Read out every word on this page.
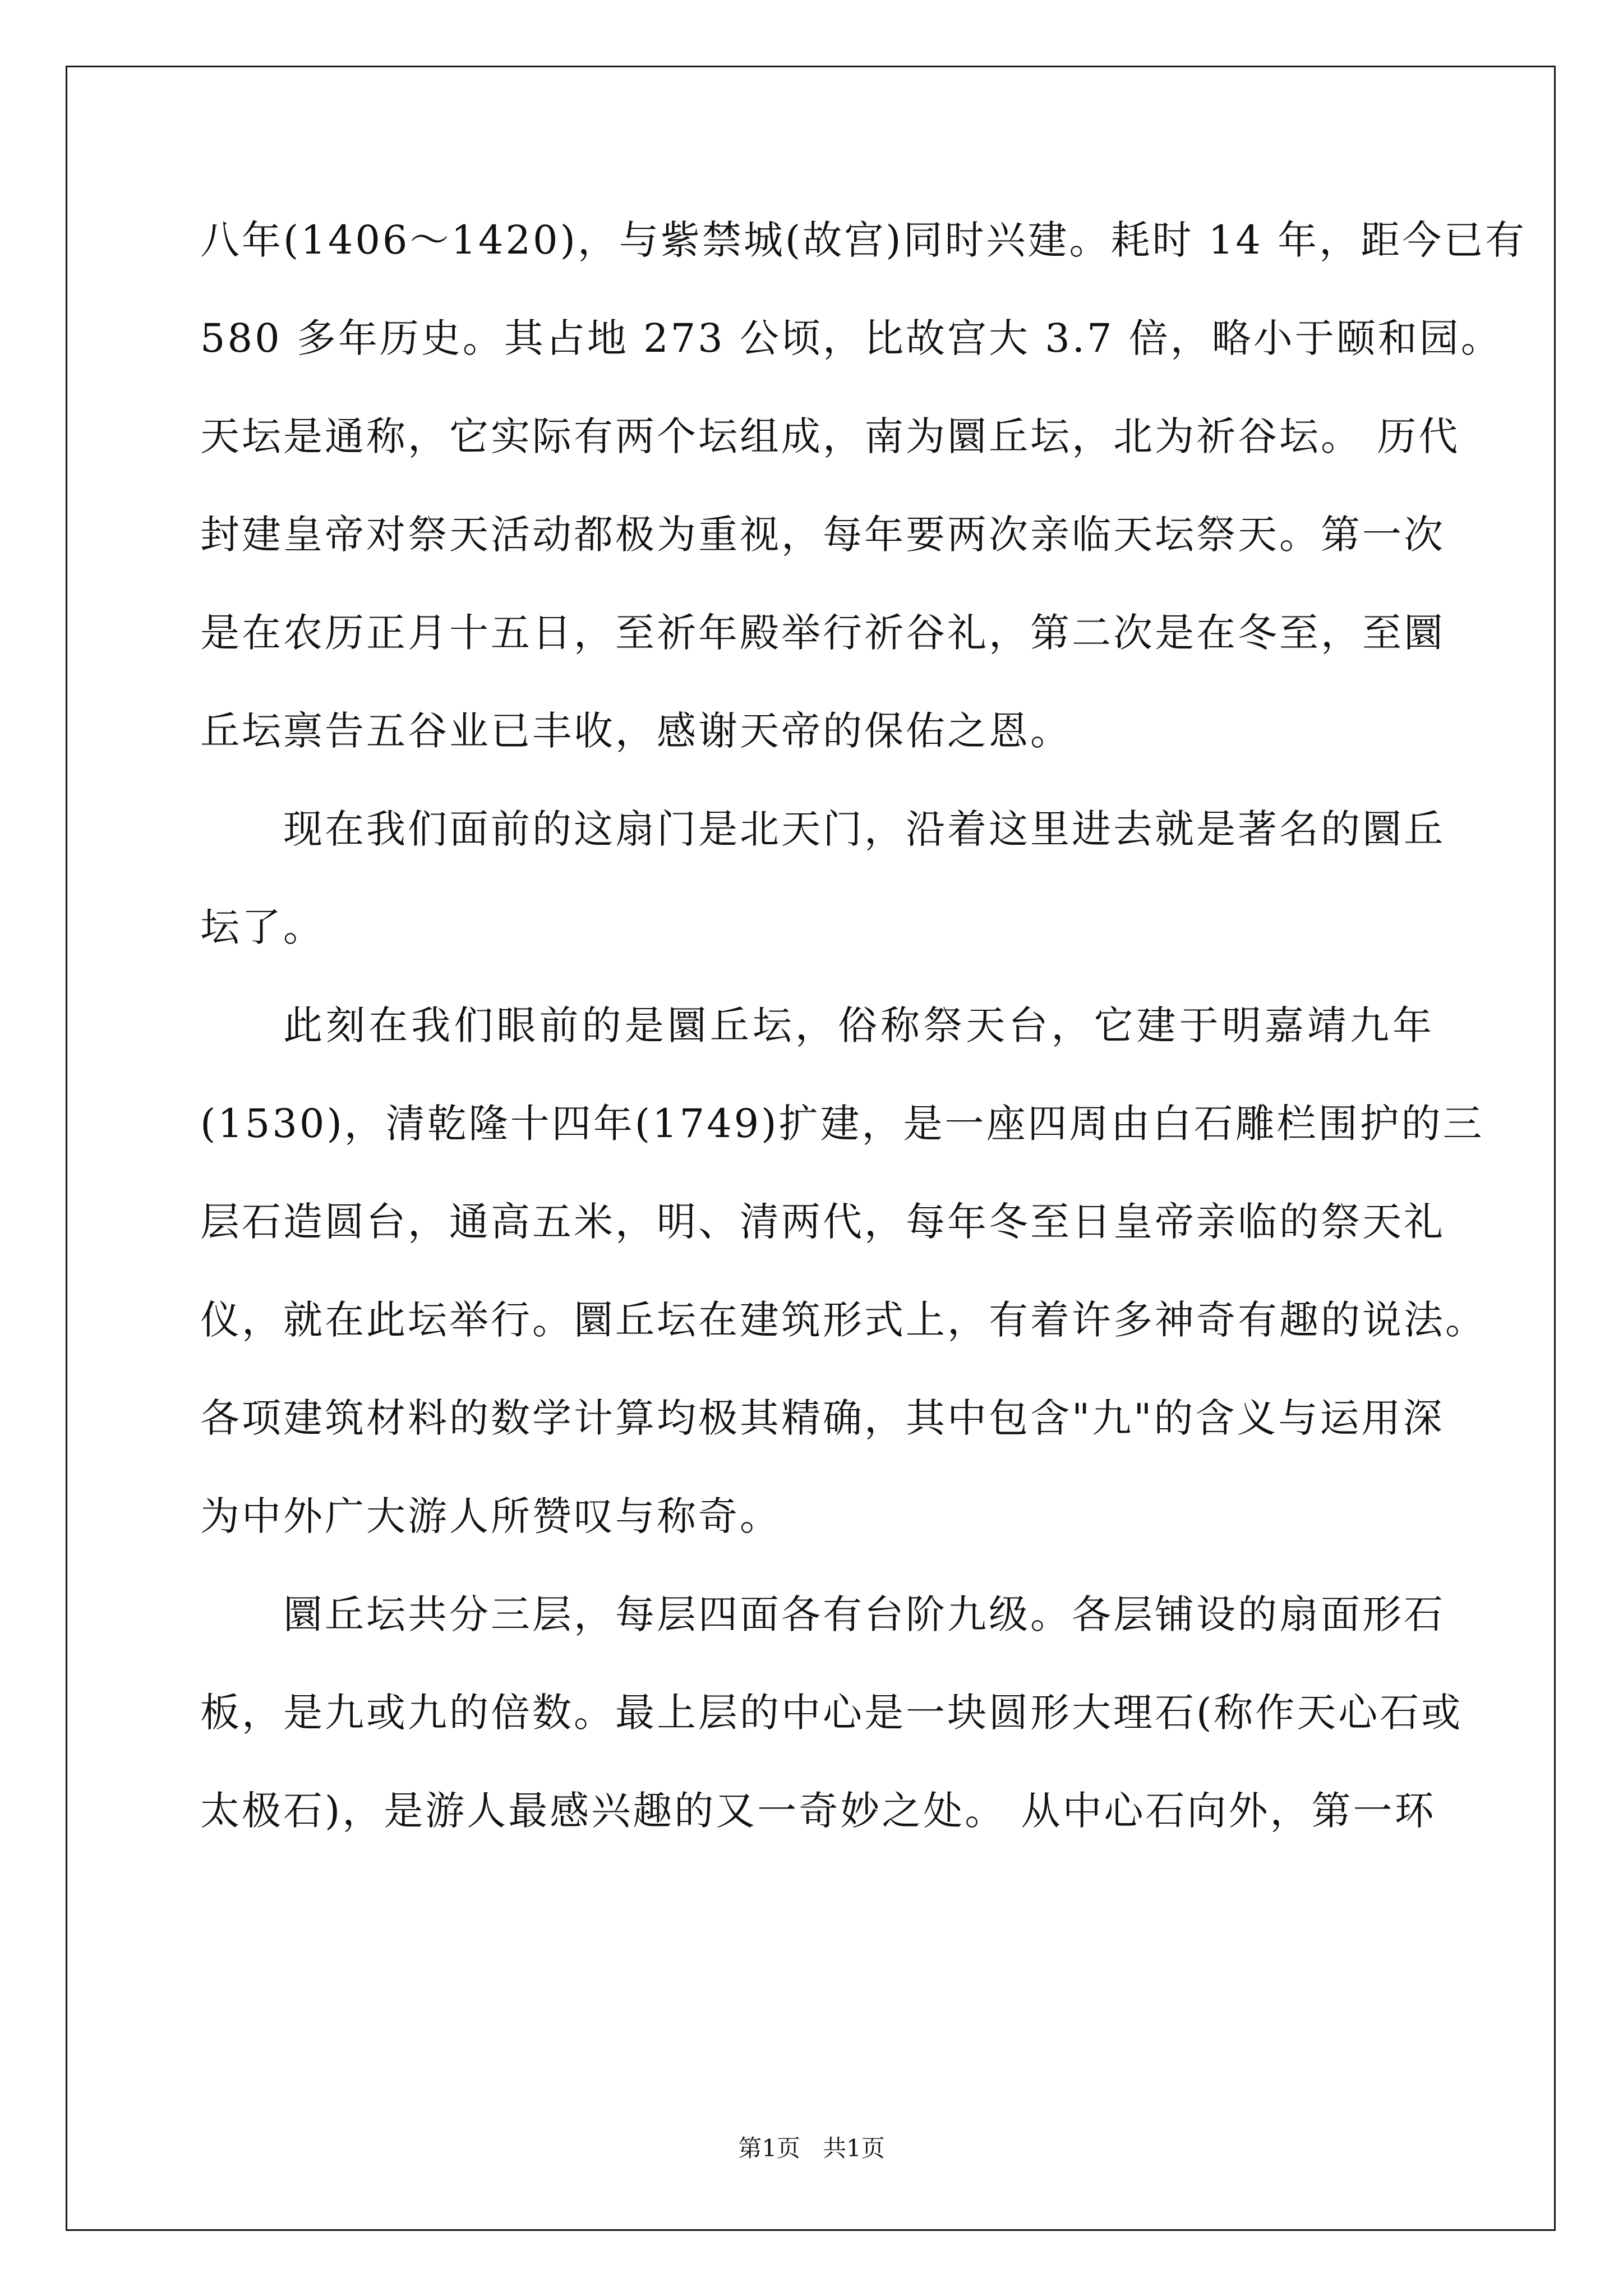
八年(1406～1420)，与紫禁城(故宫)同时兴建。耗时 14 年，距今已有
580 多年历史。其占地 273 公顷，比故宫大 3.7 倍，略小于颐和园。
天坛是通称，它实际有两个坛组成，南为圜丘坛，北为祈谷坛。 历代
封建皇帝对祭天活动都极为重视，每年要两次亲临天坛祭天。第一次
是在农历正月十五日，至祈年殿举行祈谷礼，第二次是在冬至，至圜
丘坛禀告五谷业已丰收，感谢天帝的保佑之恩。
现在我们面前的这扇门是北天门，沿着这里进去就是著名的圜丘
坛了。
此刻在我们眼前的是圜丘坛，俗称祭天台，它建于明嘉靖九年
(1530)，清乾隆十四年(1749)扩建，是一座四周由白石雕栏围护的三
层石造圆台，通高五米，明、清两代，每年冬至日皇帝亲临的祭天礼
仪，就在此坛举行。圜丘坛在建筑形式上，有着许多神奇有趣的说法。
各项建筑材料的数学计算均极其精确，其中包含"九"的含义与运用深
为中外广大游人所赞叹与称奇。
圜丘坛共分三层，每层四面各有台阶九级。各层铺设的扇面形石
板，是九或九的倍数。最上层的中心是一块圆形大理石(称作天心石或
太极石)，是游人最感兴趣的又一奇妙之处。 从中心石向外，第一环
第1页   共1页
